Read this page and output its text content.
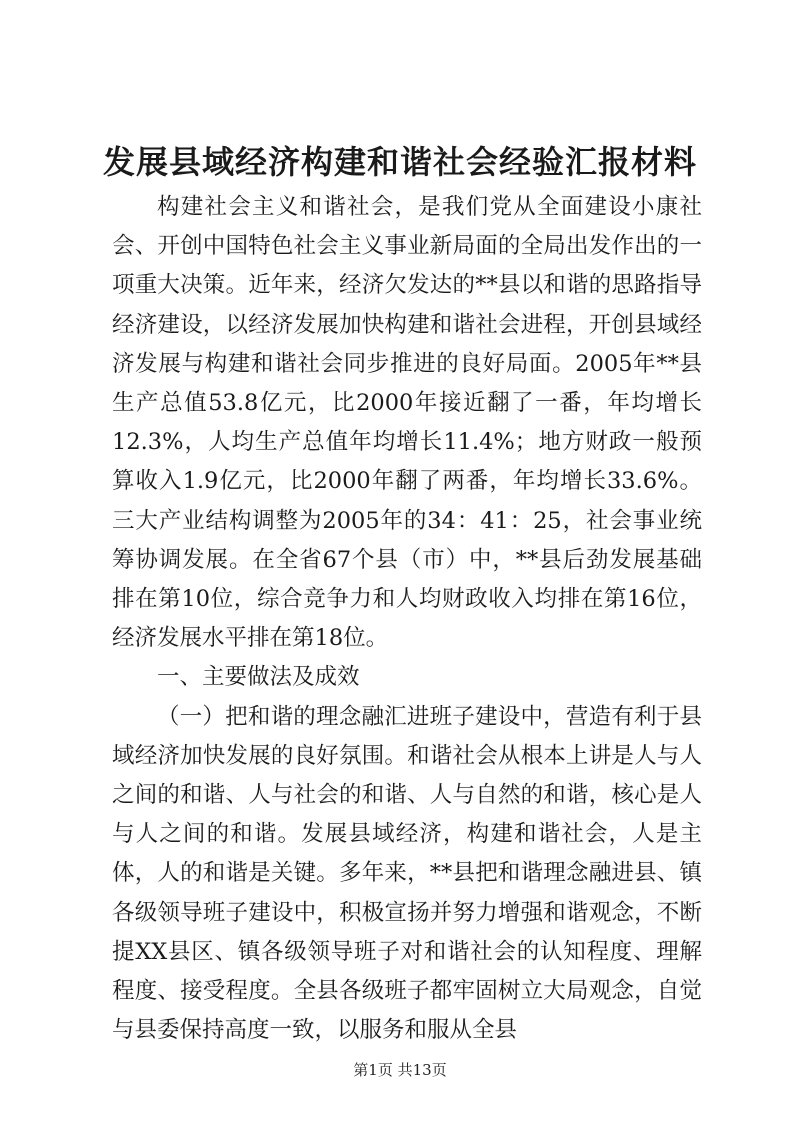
发展县域经济构建和谐社会经验汇报材料

构建社会主义和谐社会，是我们党从全面建设小康社会、开创中国特色社会主义事业新局面的全局出发作出的一项重大决策。近年来，经济欠发达的**县以和谐的思路指导经济建设，以经济发展加快构建和谐社会进程，开创县域经济发展与构建和谐社会同步推进的良好局面。2005年**县生产总值53.8亿元，比2000年接近翻了一番，年均增长12.3%，人均生产总值年均增长11.4%；地方财政一般预算收入1.9亿元，比2000年翻了两番，年均增长33.6%。三大产业结构调整为2005年的34：41：25，社会事业统筹协调发展。在全省67个县（市）中，**县后劲发展基础排在第10位，综合竞争力和人均财政收入均排在第16位，经济发展水平排在第18位。

一、主要做法及成效

（一）把和谐的理念融汇进班子建设中，营造有利于县域经济加快发展的良好氛围。和谐社会从根本上讲是人与人之间的和谐、人与社会的和谐、人与自然的和谐，核心是人与人之间的和谐。发展县域经济，构建和谐社会，人是主体，人的和谐是关键。多年来，**县把和谐理念融进县、镇各级领导班子建设中，积极宣扬并努力增强和谐观念，不断提XX县区、镇各级领导班子对和谐社会的认知程度、理解程度、接受程度。全县各级班子都牢固树立大局观念，自觉与县委保持高度一致，以服务和服从全县

第1页 共13页
